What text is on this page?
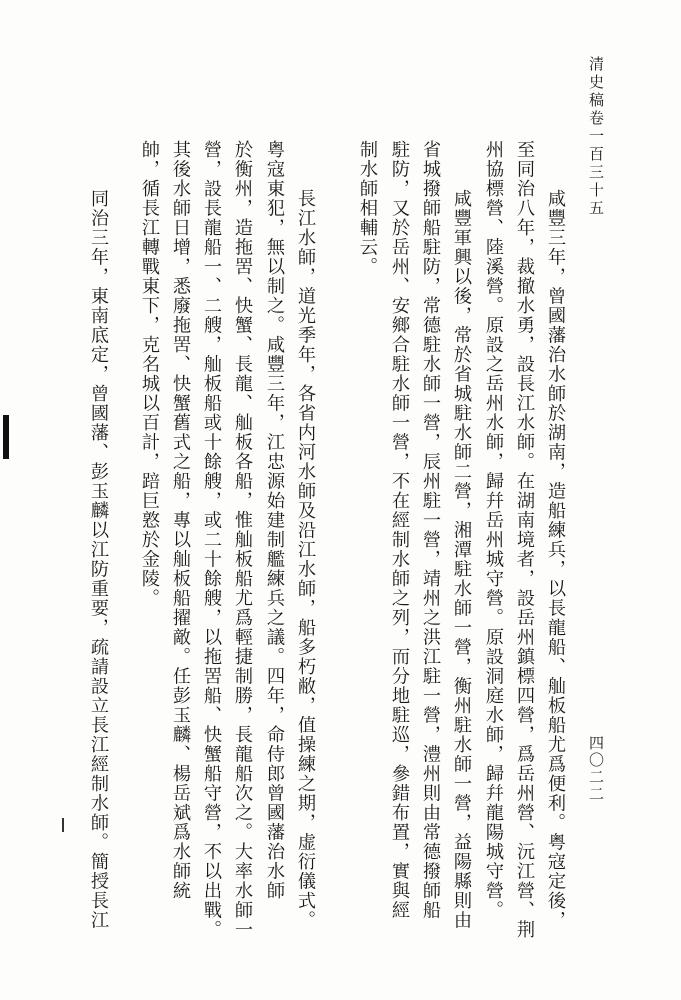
清史稿卷一百三十五
四〇二二
咸豐三年，曾國藩治水師於湖南，造船練兵，以長龍船、舢板船尤爲便利。粤寇定後，
至同治八年，裁撤水勇，設長江水師。在湖南境者，設岳州鎮標四營，爲岳州營、沅江營、荆
州協標營、陸溪營。原設之岳州水師，歸幷岳州城守營。原設洞庭水師，歸幷龍陽城守營。
咸豐軍興以後，常於省城駐水師二營，湘潭駐水師一營，衡州駐水師一營，益陽縣則由
省城撥師船駐防，常德駐水師一營，辰州駐一營，靖州之洪江駐一營，澧州則由常德撥師船
駐防，又於岳州、安鄉合駐水師一營，不在經制水師之列，而分地駐巡，參錯布置，實與經
制水師相輔云。
長江水師，道光季年，各省内河水師及沿江水師，船多朽敝，值操練之期，虚衍儀式。
粤寇東犯，無以制之。咸豐三年，江忠源始建制艦練兵之議。四年，命侍郎曾國藩治水師
於衡州，造拖罟、快蟹、長龍、舢板各船，惟舢板船尤爲輕捷制勝，長龍船次之。大率水師一
營，設長龍船一、二艘，舢板船或十餘艘，或二十餘艘，以拖罟船、快蟹船守營，不以出戰。
其後水師日增，悉廢拖罟、快蟹舊式之船，專以舢板船擢敵。任彭玉麟、楊岳斌爲水師統
帥，循長江轉戰東下，克名城以百計，踣巨憝於金陵。
同治三年，東南底定，曾國藩、彭玉麟以江防重要，疏請設立長江經制水師。簡授長江
